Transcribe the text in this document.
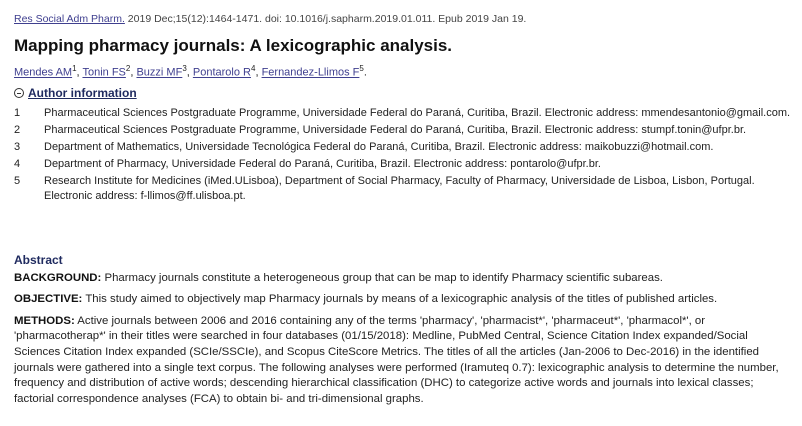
Res Social Adm Pharm. 2019 Dec;15(12):1464-1471. doi: 10.1016/j.sapharm.2019.01.011. Epub 2019 Jan 19.
Mapping pharmacy journals: A lexicographic analysis.
Mendes $AM^1$, Tonin $FS^2$, Buzzi $MF^3$, Pontarolo $R^4$, Fernandez-Llimos $F^5$.
Author information
1	Pharmaceutical Sciences Postgraduate Programme, Universidade Federal do Paraná, Curitiba, Brazil. Electronic address: mmendesantonio@gmail.com.
2	Pharmaceutical Sciences Postgraduate Programme, Universidade Federal do Paraná, Curitiba, Brazil. Electronic address: stumpf.tonin@ufpr.br.
3	Department of Mathematics, Universidade Tecnológica Federal do Paraná, Curitiba, Brazil. Electronic address: maikobuzzi@hotmail.com.
4	Department of Pharmacy, Universidade Federal do Paraná, Curitiba, Brazil. Electronic address: pontarolo@ufpr.br.
5	Research Institute for Medicines (iMed.ULisboa), Department of Social Pharmacy, Faculty of Pharmacy, Universidade de Lisboa, Lisbon, Portugal. Electronic address: f-llimos@ff.ulisboa.pt.
Abstract

BACKGROUND: Pharmacy journals constitute a heterogeneous group that can be map to identify Pharmacy scientific subareas.

OBJECTIVE: This study aimed to objectively map Pharmacy journals by means of a lexicographic analysis of the titles of published articles.

METHODS: Active journals between 2006 and 2016 containing any of the terms 'pharmacy', 'pharmacist*', 'pharmaceut*', 'pharmacol*', or 'pharmacotherap*' in their titles were searched in four databases (01/15/2018): Medline, PubMed Central, Science Citation Index expanded/Social Sciences Citation Index expanded (SCIe/SSCIe), and Scopus CiteScore Metrics. The titles of all the articles (Jan-2006 to Dec-2016) in the identified journals were gathered into a single text corpus. The following analyses were performed (Iramuteq 0.7): lexicographic analysis to determine the number, frequency and distribution of active words; descending hierarchical classification (DHC) to categorize active words and journals into lexical classes; factorial correspondence analyses (FCA) to obtain bi- and tri-dimensional graphs.
